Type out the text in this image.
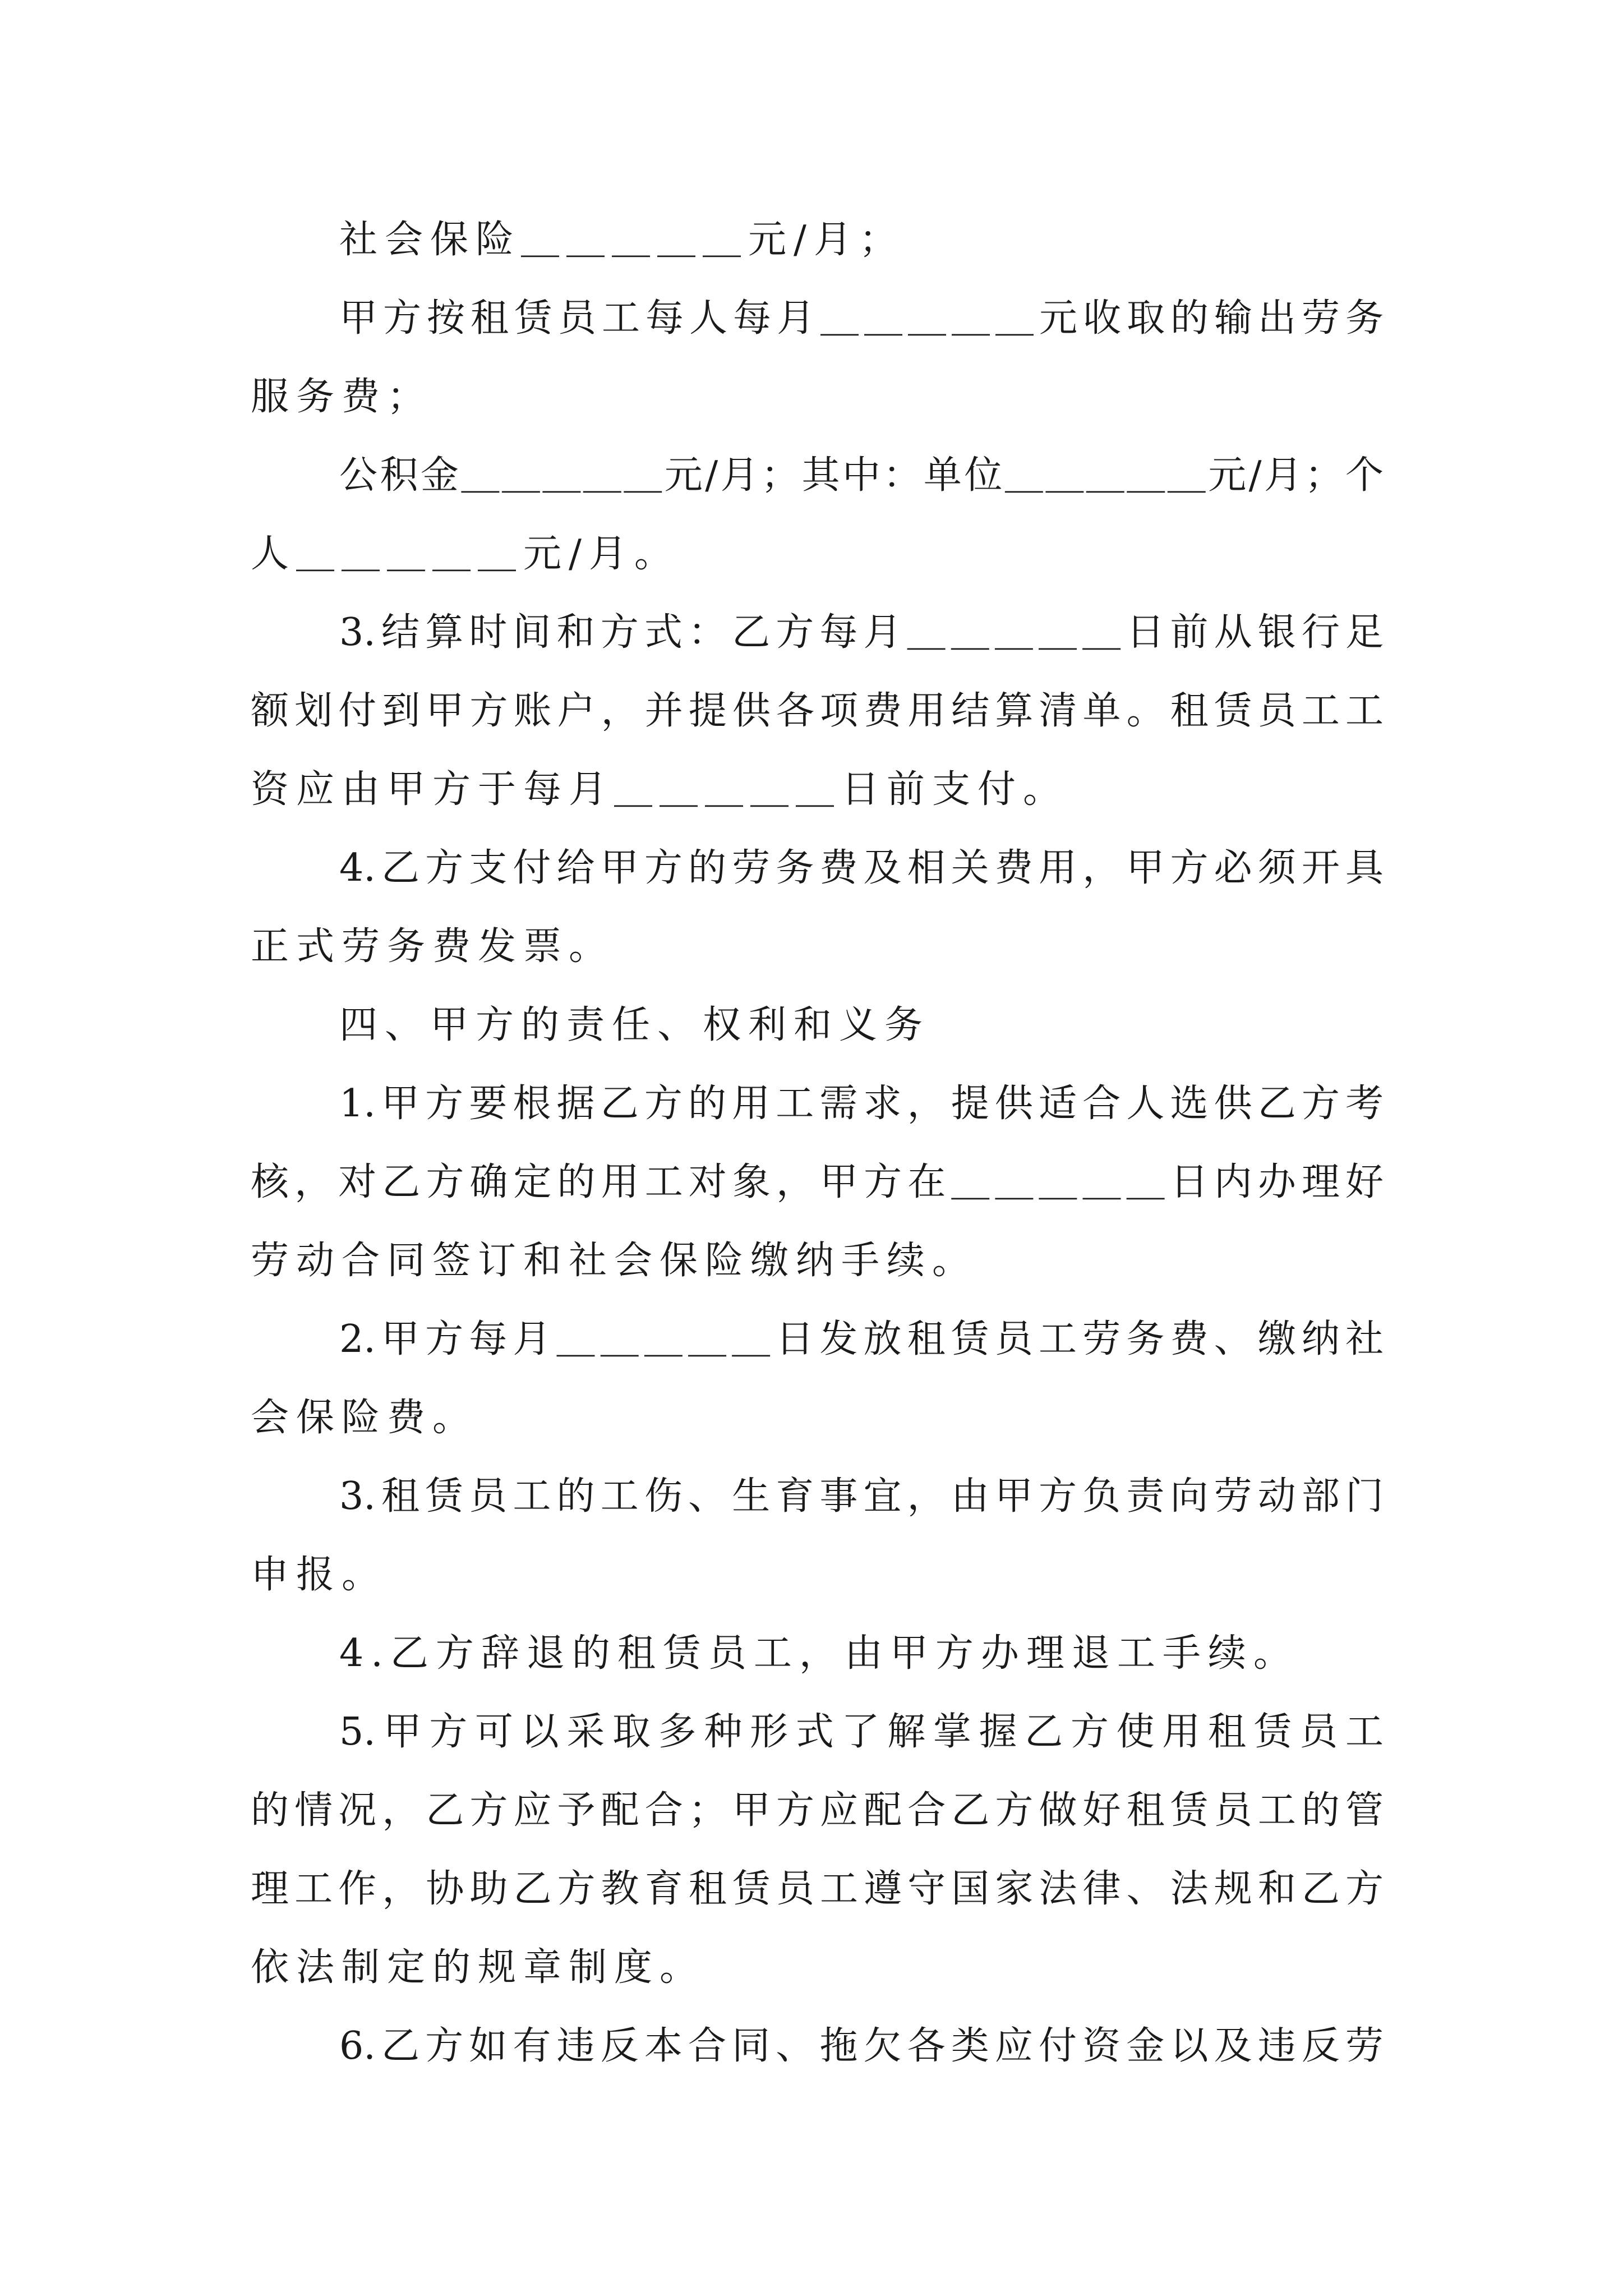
社会保险＿＿＿＿＿元/月；
甲方按租赁员工每人每月＿＿＿＿＿元收取的输出劳务
服务费；
公积金＿＿＿＿＿元/月；其中：单位＿＿＿＿＿元/月；个
人＿＿＿＿＿元/月。
3.结算时间和方式：乙方每月＿＿＿＿＿日前从银行足
额划付到甲方账户，并提供各项费用结算清单。租赁员工工
资应由甲方于每月＿＿＿＿＿日前支付。
4.乙方支付给甲方的劳务费及相关费用，甲方必须开具
正式劳务费发票。
四、甲方的责任、权利和义务
1.甲方要根据乙方的用工需求，提供适合人选供乙方考
核，对乙方确定的用工对象，甲方在＿＿＿＿＿日内办理好
劳动合同签订和社会保险缴纳手续。
2.甲方每月＿＿＿＿＿日发放租赁员工劳务费、缴纳社
会保险费。
3.租赁员工的工伤、生育事宜，由甲方负责向劳动部门
申报。
4.乙方辞退的租赁员工，由甲方办理退工手续。
5.甲方可以采取多种形式了解掌握乙方使用租赁员工
的情况，乙方应予配合；甲方应配合乙方做好租赁员工的管
理工作，协助乙方教育租赁员工遵守国家法律、法规和乙方
依法制定的规章制度。
6.乙方如有违反本合同、拖欠各类应付资金以及违反劳
